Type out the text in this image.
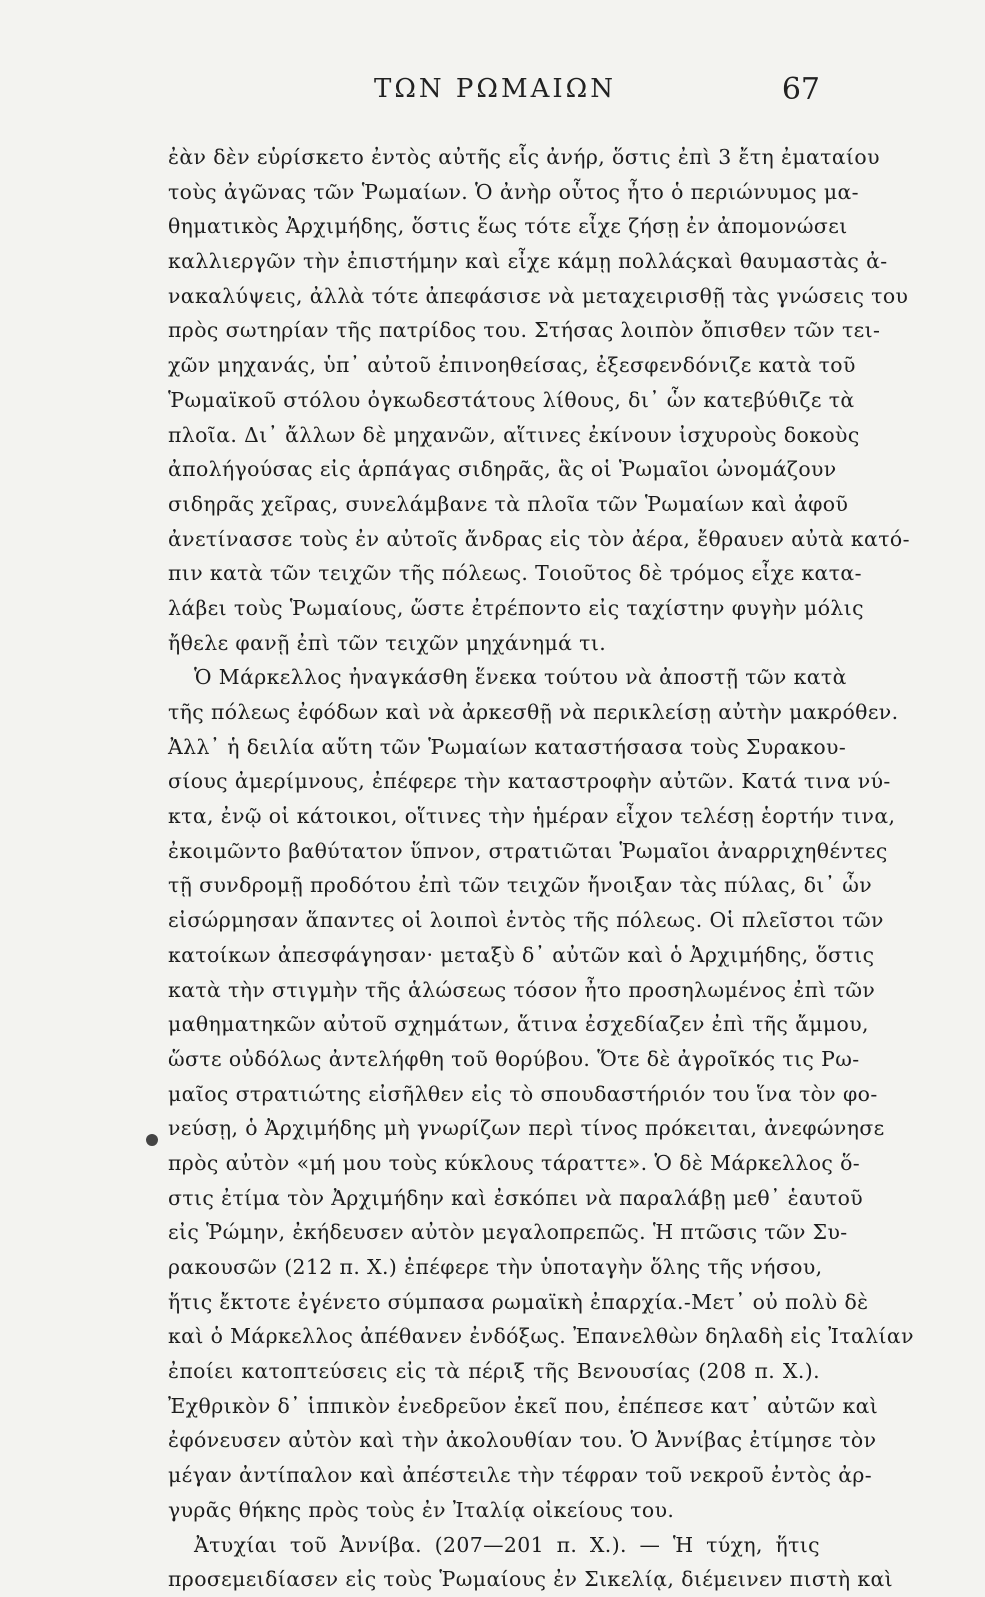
ΤΩΝ ΡΩΜΑΙΩΝ	67
ἐὰν δὲν εὑρίσκετο ἐντὸς αὐτῆς εἷς ἀνήρ, ὅστις ἐπὶ 3 ἔτη ἐματαίου
τοὺς ἀγῶνας τῶν Ῥωμαίων. Ὁ ἀνὴρ οὗτος ἦτο ὁ περιώνυμος μα-
θηματικὸς Ἀρχιμήδης, ὅστις ἕως τότε εἶχε ζήσῃ ἐν ἀπομονώσει
καλλιεργῶν τὴν ἐπιστήμην καὶ εἶχε κάμῃ πολλάςκαὶ θαυμαστὰς ἀ-
νακαλύψεις, ἀλλὰ τότε ἀπεφάσισε νὰ μεταχειρισθῇ τὰς γνώσεις του
πρὸς σωτηρίαν τῆς πατρίδος του. Στήσας λοιπὸν ὄπισθεν τῶν τει-
χῶν μηχανάς, ὑπ᾽ αὐτοῦ ἐπινοηθείσας, ἐξεσφενδόνιζε κατὰ τοῦ
Ῥωμαϊκοῦ στόλου ὀγκωδεστάτους λίθους, δι᾽ ὧν κατεβύθιζε τὰ
πλοῖα. Δι᾽ ἄλλων δὲ μηχανῶν, αἵτινες ἐκίνουν ἰσχυροὺς δοκοὺς
ἀπολήγούσας εἰς ἁρπάγας σιδηρᾶς, ἃς οἱ Ῥωμαῖοι ὠνομάζουν
σιδηρᾶς χεῖρας, συνελάμβανε τὰ πλοῖα τῶν Ῥωμαίων καὶ ἀφοῦ
ἀνετίνασσε τοὺς ἐν αὐτοῖς ἄνδρας εἰς τὸν ἀέρα, ἔθραυεν αὐτὰ κατό-
πιν κατὰ τῶν τειχῶν τῆς πόλεως. Τοιοῦτος δὲ τρόμος εἶχε κατα-
λάβει τοὺς Ῥωμαίους, ὥστε ἐτρέποντο εἰς ταχίστην φυγὴν μόλις
ἤθελε φανῇ ἐπὶ τῶν τειχῶν μηχάνημά τι.
Ὁ Μάρκελλος ἠναγκάσθη ἕνεκα τούτου νὰ ἀποστῇ τῶν κατὰ
τῆς πόλεως ἐφόδων καὶ νὰ ἀρκεσθῇ νὰ περικλείσῃ αὐτὴν μακρόθεν.
Ἀλλ᾽ ἡ δειλία αὕτη τῶν Ῥωμαίων καταστήσασα τοὺς Συρακου-
σίους ἀμερίμνους, ἐπέφερε τὴν καταστροφὴν αὐτῶν. Κατά τινα νύ-
κτα, ἐνῷ οἱ κάτοικοι, οἵτινες τὴν ἡμέραν εἶχον τελέσῃ ἑορτήν τινα,
ἐκοιμῶντο βαθύτατον ὕπνον, στρατιῶται Ῥωμαῖοι ἀναρριχηθέντες
τῇ συνδρομῇ προδότου ἐπὶ τῶν τειχῶν ἤνοιξαν τὰς πύλας, δι᾽ ὧν
εἰσώρμησαν ἅπαντες οἱ λοιποὶ ἐντὸς τῆς πόλεως. Οἱ πλεῖστοι τῶν
κατοίκων ἀπεσφάγησαν· μεταξὺ δ᾽ αὐτῶν καὶ ὁ Ἀρχιμήδης, ὅστις
κατὰ τὴν στιγμὴν τῆς ἁλώσεως τόσον ἦτο προσηλωμένος ἐπὶ τῶν
μαθηματηκῶν αὐτοῦ σχημάτων, ἅτινα ἐσχεδίαζεν ἐπὶ τῆς ἄμμου,
ὥστε οὐδόλως ἀντελήφθη τοῦ θορύβου. Ὅτε δὲ ἀγροῖκός τις Ρω-
μαῖος στρατιώτης εἰσῆλθεν εἰς τὸ σπουδαστήριόν του ἵνα τὸν φο-
νεύσῃ, ὁ Ἀρχιμήδης μὴ γνωρίζων περὶ τίνος πρόκειται, ἀνεφώνησε
πρὸς αὐτὸν «μή μου τοὺς κύκλους τάραττε». Ὁ δὲ Μάρκελλος ὅ-
στις ἐτίμα τὸν Ἀρχιμήδην καὶ ἐσκόπει νὰ παραλάβῃ μεθ᾽ ἑαυτοῦ
εἰς Ῥώμην, ἐκήδευσεν αὐτὸν μεγαλοπρεπῶς. Ἡ πτῶσις τῶν Συ-
ρακουσῶν (212 π. Χ.) ἐπέφερε τὴν ὑποταγὴν ὅλης τῆς νήσου,
ἥτις ἔκτοτε ἐγένετο σύμπασα ρωμαϊκὴ ἐπαρχία.-Μετ᾽ οὐ πολὺ δὲ
καὶ ὁ Μάρκελλος ἀπέθανεν ἐνδόξως. Ἐπανελθὼν δηλαδὴ εἰς Ἰταλίαν
ἐποίει κατοπτεύσεις εἰς τὰ πέριξ τῆς Βενουσίας (208 π. Χ.).
Ἐχθρικὸν δ᾽ ἱππικὸν ἐνεδρεῦον ἐκεῖ που, ἐπέπεσε κατ᾽ αὐτῶν καὶ
ἐφόνευσεν αὐτὸν καὶ τὴν ἀκολουθίαν του. Ὁ Ἀννίβας ἐτίμησε τὸν
μέγαν ἀντίπαλον καὶ ἀπέστειλε τὴν τέφραν τοῦ νεκροῦ ἐντὸς ἀρ-
γυρᾶς θήκης πρὸς τοὺς ἐν Ἰταλίᾳ οἰκείους του.
Ἀτυχίαι τοῦ Ἀννίβα. (207—201 π. Χ.). — Ἡ τύχη, ἥτις
προσεμειδίασεν εἰς τοὺς Ῥωμαίους ἐν Σικελίᾳ, διέμεινεν πιστὴ καὶ
